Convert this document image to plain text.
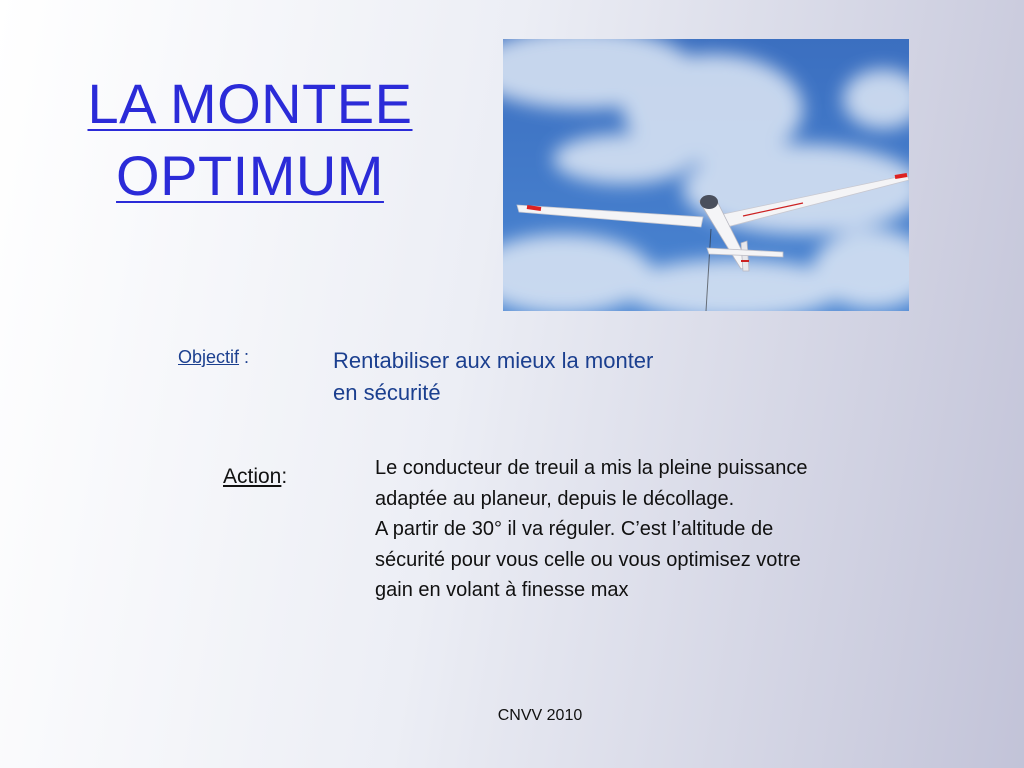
LA MONTEE
OPTIMUM
Objectif :	Rentabiliser aux mieux la monter
en sécurité
Action:	Le conducteur de treuil a mis la pleine puissance
adaptée au planeur, depuis le décollage.
A partir de 30° il va réguler. C’est l’altitude de
sécurité pour vous celle ou vous optimisez votre
gain en volant à finesse max
CNVV 2010
